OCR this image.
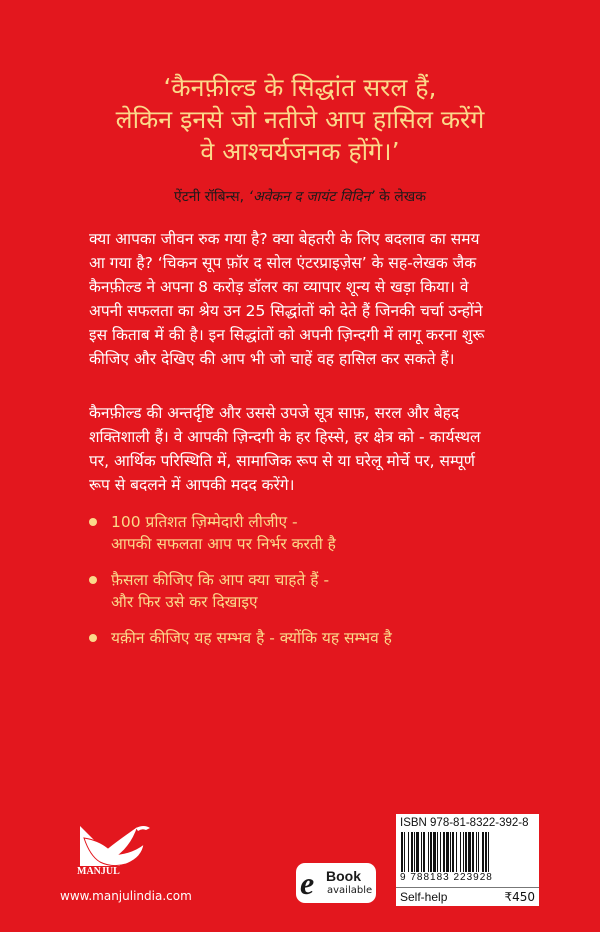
‘कैनफ़ील्ड के सिद्धांत सरल हैं,
लेकिन इनसे जो नतीजे आप हासिल करेंगे
वे आश्चर्यजनक होंगे।’
ऐंटनी रॉबिन्स, ‘अवेकन द जायंट विदिन’ के लेखक
क्या आपका जीवन रुक गया है? क्या बेहतरी के लिए बदलाव का समय
आ गया है? ‘चिकन सूप फ़ॉर द सोल एंटरप्राइज़ेस’ के सह-लेखक जैक
कैनफ़ील्ड ने अपना 8 करोड़ डॉलर का व्यापार शून्य से खड़ा किया। वे
अपनी सफलता का श्रेय उन 25 सिद्धांतों को देते हैं जिनकी चर्चा उन्होंने
इस किताब में की है। इन सिद्धांतों को अपनी ज़िन्दगी में लागू करना शुरू
कीजिए और देखिए की आप भी जो चाहें वह हासिल कर सकते हैं।
कैनफ़ील्ड की अन्तर्दृष्टि और उससे उपजे सूत्र साफ़, सरल और बेहद
शक्तिशाली हैं। वे आपकी ज़िन्दगी के हर हिस्से, हर क्षेत्र को - कार्यस्थल
पर, आर्थिक परिस्थिति में, सामाजिक रूप से या घरेलू मोर्चे पर, सम्पूर्ण
रूप से बदलने में आपकी मदद करेंगे।
100 प्रतिशत ज़िम्मेदारी लीजीए -
आपकी सफलता आप पर निर्भर करती है
फ़ैसला कीजिए कि आप क्या चाहते हैं -
और फिर उसे कर दिखाइए
यक़ीन कीजिए यह सम्भव है - क्योंकि यह सम्भव है
MANJUL
www.manjulindia.com	e Book
available
ISBN 978-81-8322-392-8
9 788183 223928
Self-help	₹450
